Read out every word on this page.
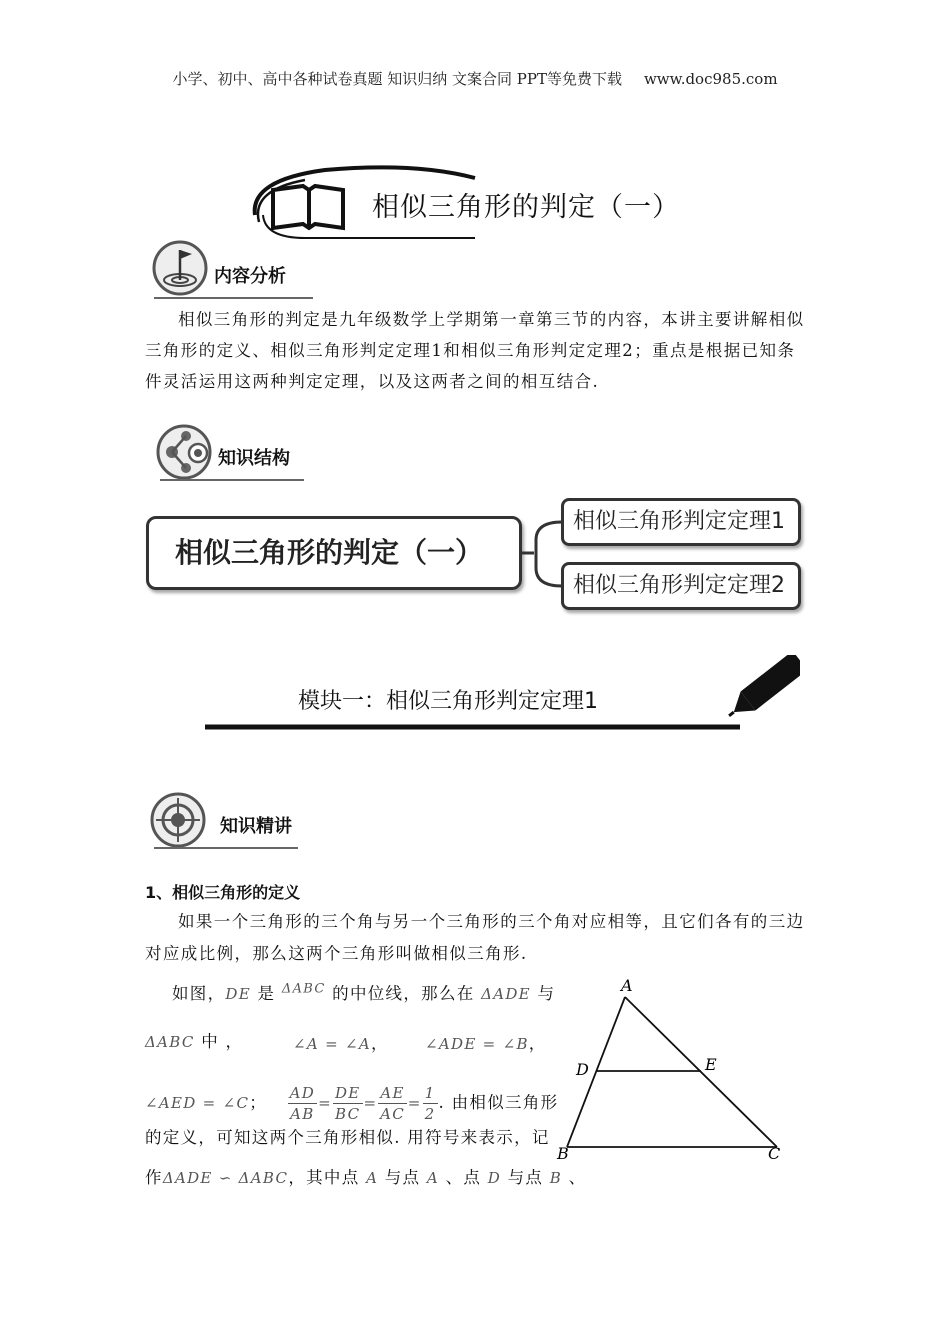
小学、初中、高中各种试卷真题 知识归纳 文案合同 PPT等免费下载 www.doc985.com
相似三角形的判定（一）
内容分析
相似三角形的判定是九年级数学上学期第一章第三节的内容，本讲主要讲解相似三角形的定义、相似三角形判定定理1和相似三角形判定定理2；重点是根据已知条件灵活运用这两种判定定理，以及这两者之间的相互结合.
知识结构
相似三角形的判定（一）
相似三角形判定定理1
相似三角形判定定理2
模块一：相似三角形判定定理1
知识精讲
1、相似三角形的定义
如果一个三角形的三个角与另一个三角形的三个角对应相等，且它们各有的三边对应成比例，那么这两个三角形叫做相似三角形.
如图，DE 是 $^{\Delta ABC}$ 的中位线，那么在 ΔADE 与
ΔABC 中 ，	∠A = ∠A， ∠ADE = ∠B，
∠AED = ∠C； $\frac{AD}{AB} = \frac{DE}{BC} = \frac{AE}{AC} = \frac{1}{2}$ . 由相似三角形
的定义，可知这两个三角形相似. 用符号来表示，记
作ΔADE ∽ ΔABC，其中点 A 与点 A 、点 D 与点 B 、
A
D	E
B	C
